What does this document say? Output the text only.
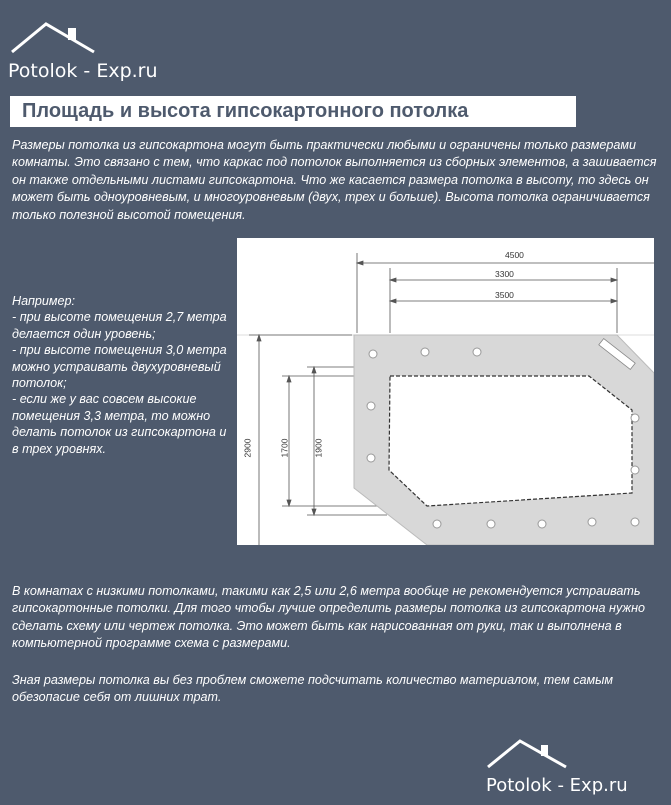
Potolok - Exp.ru
Площадь и высота гипсокартонного потолка

Размеры потолка из гипсокартона могут быть практически любыми и ограничены только размерами комнаты. Это связано с тем, что каркас под потолок выполняется из сборных элементов, а зашивается он также отдельными листами гипсокартона. Что же касается размера потолка в высоту, то здесь он может быть одноуровневым, и многоуровневым (двух, трех и больше). Высота потолка ограничивается только полезной высотой помещения.

Например:
- при высоте помещения 2,7 метра делается один уровень;
- при высоте помещения 3,0 метра можно устраивать двухуровневый потолок;
- если же у вас совсем высокие помещения 3,3 метра, то можно делать потолок из гипсокартона и в трех уровнях.
4500
3300
3500
2900	1700	1900

В комнатах с низкими потолками, такими как 2,5 или 2,6 метра вообще не рекомендуется устраивать гипсокартонные потолки. Для того чтобы лучше определить размеры потолка из гипсокартона нужно сделать схему или чертеж потолка. Это может быть как нарисованная от руки, так и выполнена в компьютерной программе схема с размерами.

Зная размеры потолка вы без проблем сможете подсчитать количество материалом, тем самым обезопасие себя от лишних трат.

Potolok - Exp.ru
